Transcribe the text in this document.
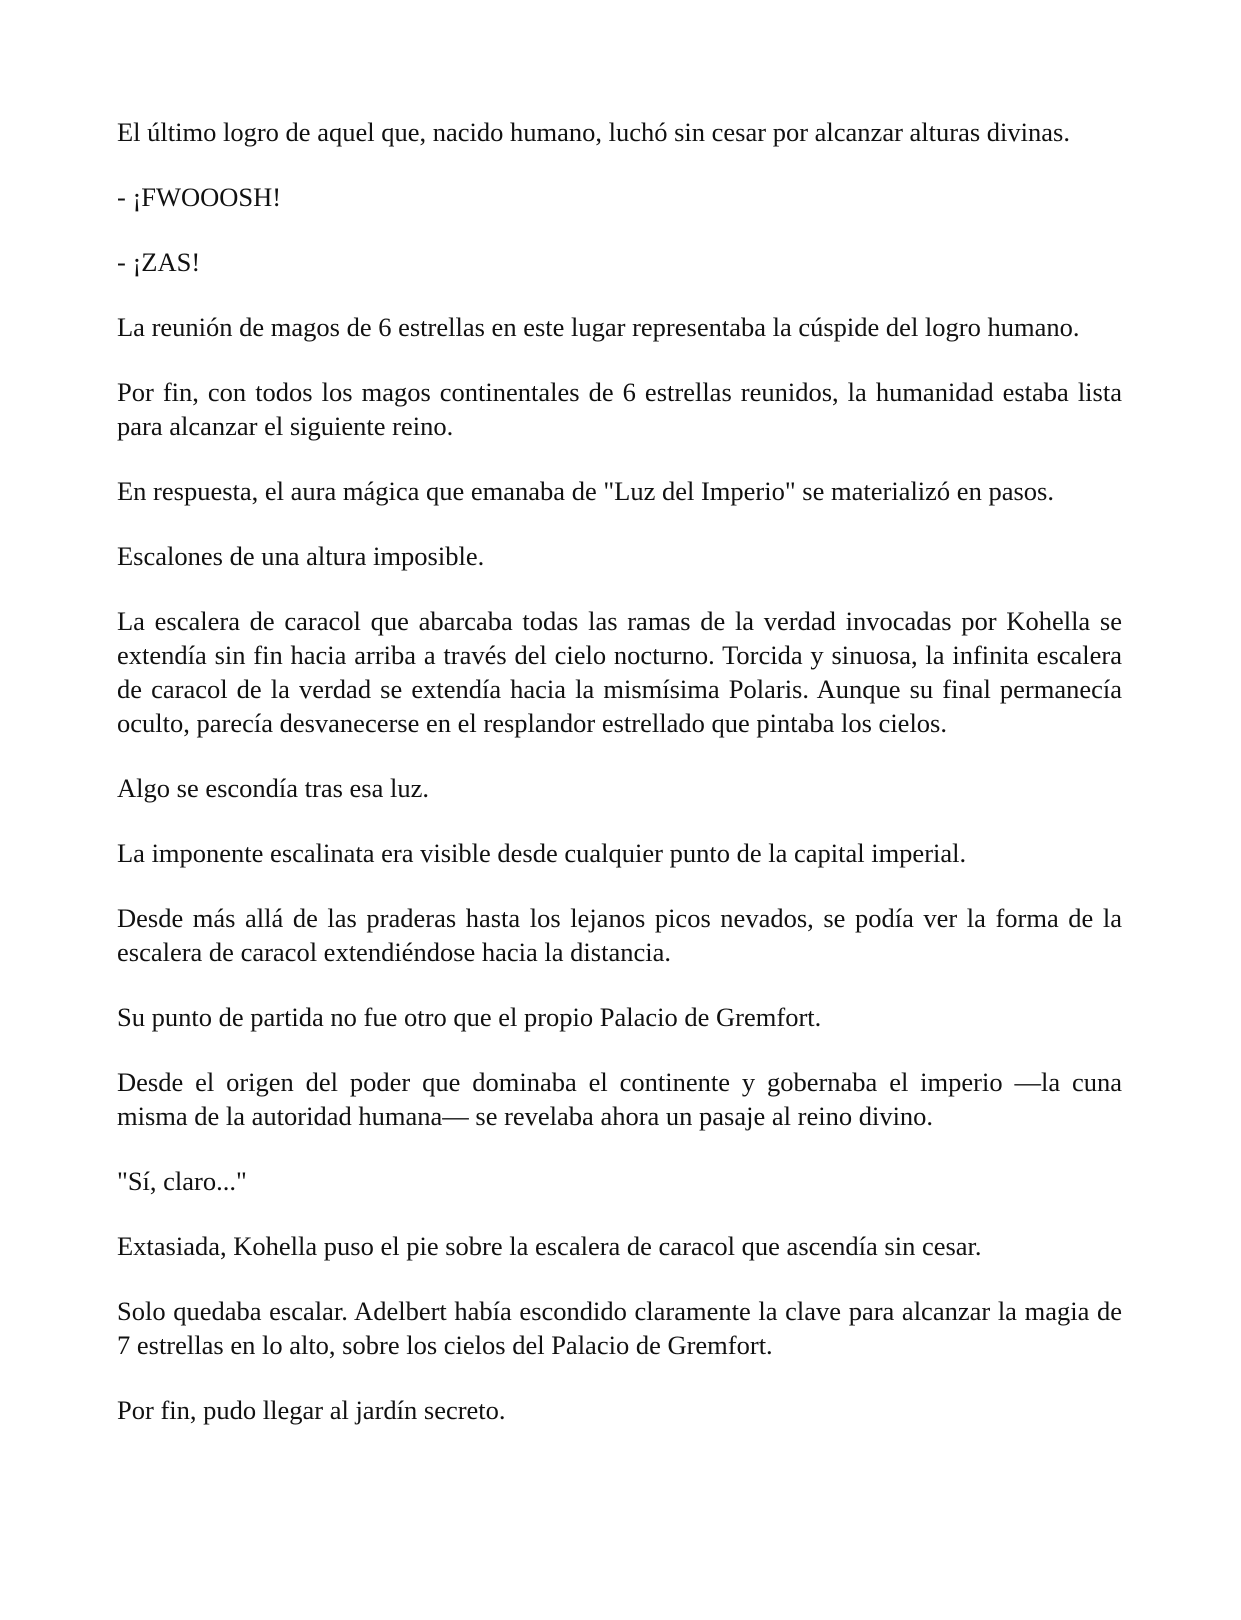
El último logro de aquel que, nacido humano, luchó sin cesar por alcanzar alturas divinas.

- ¡FWOOOSH!

- ¡ZAS!

La reunión de magos de 6 estrellas en este lugar representaba la cúspide del logro humano.

Por fin, con todos los magos continentales de 6 estrellas reunidos, la humanidad estaba lista para alcanzar el siguiente reino.

En respuesta, el aura mágica que emanaba de "Luz del Imperio" se materializó en pasos.

Escalones de una altura imposible.

La escalera de caracol que abarcaba todas las ramas de la verdad invocadas por Kohella se extendía sin fin hacia arriba a través del cielo nocturno. Torcida y sinuosa, la infinita escalera de caracol de la verdad se extendía hacia la mismísima Polaris. Aunque su final permanecía oculto, parecía desvanecerse en el resplandor estrellado que pintaba los cielos.

Algo se escondía tras esa luz.

La imponente escalinata era visible desde cualquier punto de la capital imperial.

Desde más allá de las praderas hasta los lejanos picos nevados, se podía ver la forma de la escalera de caracol extendiéndose hacia la distancia.

Su punto de partida no fue otro que el propio Palacio de Gremfort.

Desde el origen del poder que dominaba el continente y gobernaba el imperio —la cuna misma de la autoridad humana— se revelaba ahora un pasaje al reino divino.

"Sí, claro..."

Extasiada, Kohella puso el pie sobre la escalera de caracol que ascendía sin cesar.

Solo quedaba escalar. Adelbert había escondido claramente la clave para alcanzar la magia de 7 estrellas en lo alto, sobre los cielos del Palacio de Gremfort.

Por fin, pudo llegar al jardín secreto.
